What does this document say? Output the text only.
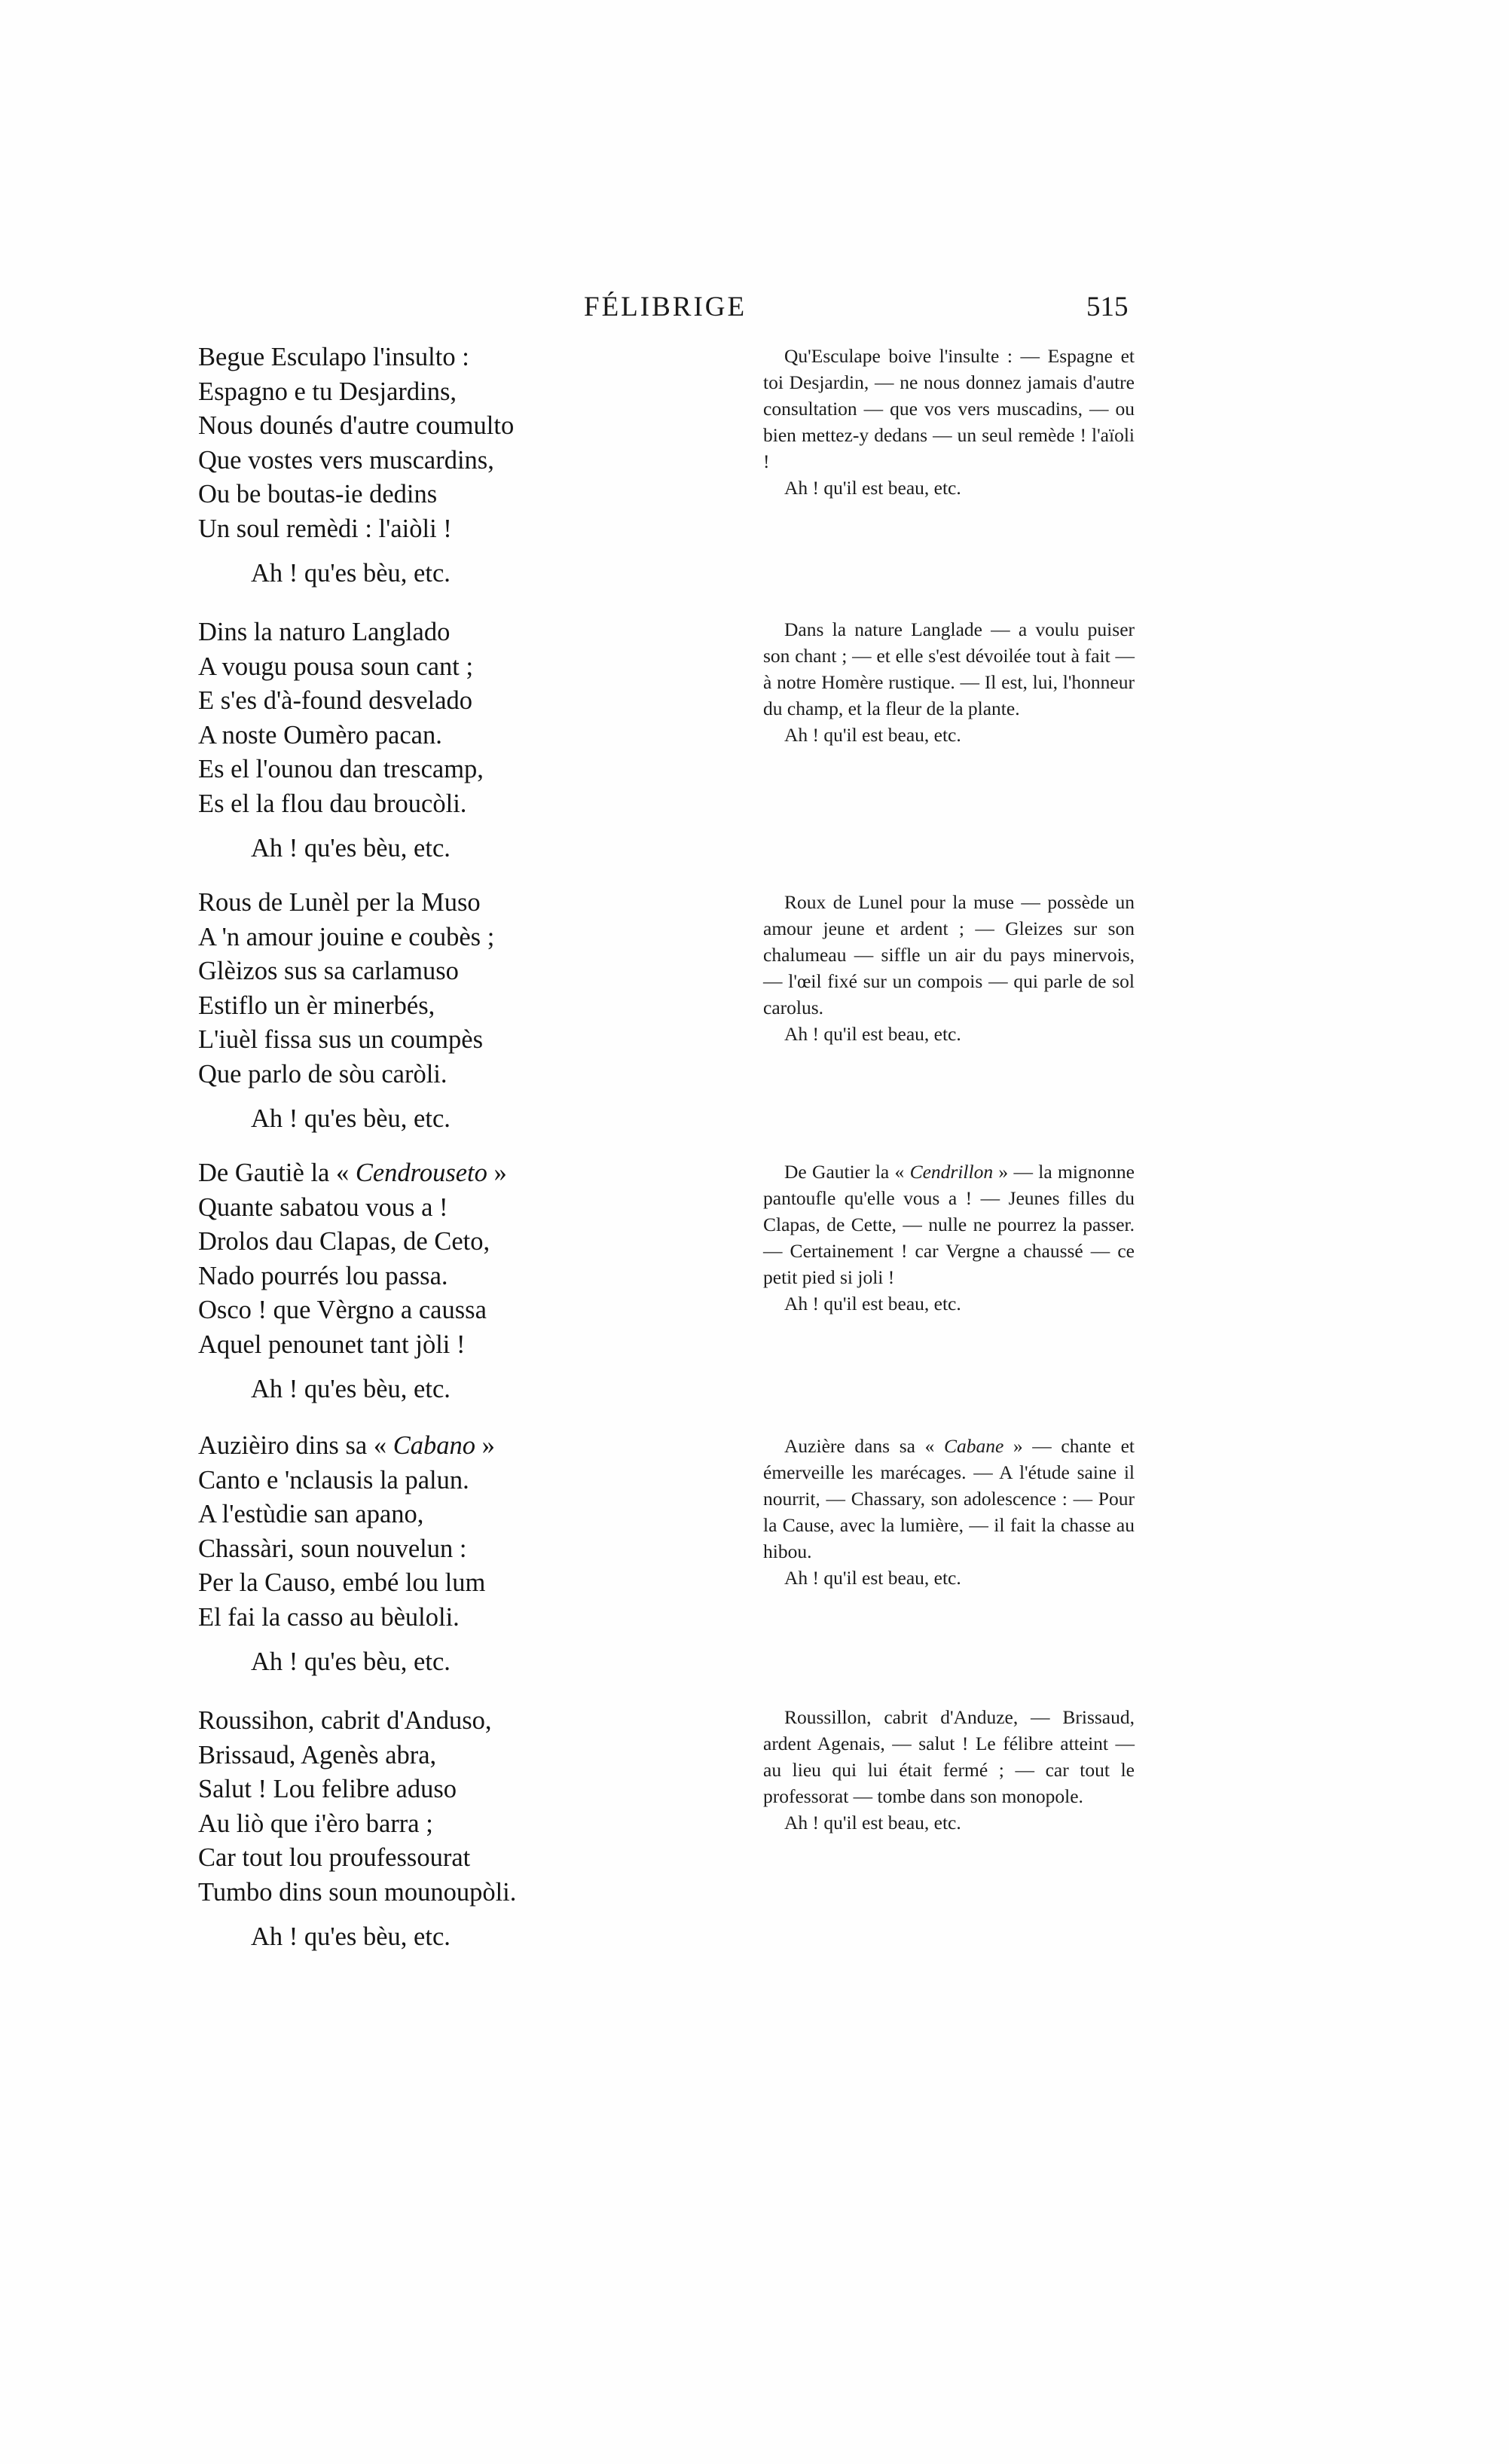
FÉLIBRIGE	515
Begue Esculapo l'insulto :
Espagno e tu Desjardins,
Nous dounés d'autre coumulto
Que vostes vers muscardins,
Ou be boutas-ie dedins
Un soul remèdi : l'aiòli !
Ah ! qu'es bèu, etc.
Dins la naturo Langlado
A vougu pousa soun cant ;
E s'es d'à-found desvelado
A noste Oumèro pacan.
Es el l'ounou dan trescamp,
Es el la flou dau broucòli.
Ah ! qu'es bèu, etc.
Rous de Lunèl per la Muso
A 'n amour jouine e coubès ;
Glèizos sus sa carlamuso
Estiflo un èr minerbés,
L'iuèl fissa sus un coumpès
Que parlo de sòu caròli.
Ah ! qu'es bèu, etc.
De Gautiè la « Cendrouseto »
Quante sabatou vous a !
Drolos dau Clapas, de Ceto,
Nado pourrés lou passa.
Osco ! que Vèrgno a caussa
Aquel penounet tant jòli !
Ah ! qu'es bèu, etc.
Auzièiro dins sa « Cabano »
Canto e 'nclausis la palun.
A l'estùdie san apano,
Chassàri, soun nouvelun :
Per la Causo, embé lou lum
El fai la casso au bèuloli.
Ah ! qu'es bèu, etc.
Roussihon, cabrit d'Anduso,
Brissaud, Agenès abra,
Salut ! Lou felibre aduso
Au liò que i'èro barra ;
Car tout lou proufessourat
Tumbo dins soun mounoupòli.
Ah ! qu'es bèu, etc.
Qu'Esculape boive l'insulte : — Espagne et toi Desjardin, — ne nous donnez jamais d'autre consultation — que vos vers muscadins, — ou bien mettez-y dedans — un seul remède ! l'aïoli !
Ah ! qu'il est beau, etc.
Dans la nature Langlade — a voulu puiser son chant ; — et elle s'est dévoilée tout à fait — à notre Homère rustique. — Il est, lui, l'honneur du champ, et la fleur de la plante.
Ah ! qu'il est beau, etc.
Roux de Lunel pour la muse — possède un amour jeune et ardent ; — Gleizes sur son chalumeau — siffle un air du pays minervois, — l'œil fixé sur un compois — qui parle de sol carolus.
Ah ! qu'il est beau, etc.
De Gautier la « Cendrillon » — la mignonne pantoufle qu'elle vous a ! — Jeunes filles du Clapas, de Cette, — nulle ne pourrez la passer. — Certainement ! car Vergne a chaussé — ce petit pied si joli !
Ah ! qu'il est beau, etc.
Auzière dans sa « Cabane » — chante et émerveille les marécages. — A l'étude saine il nourrit, — Chassary, son adolescence : — Pour la Cause, avec la lumière, — il fait la chasse au hibou.
Ah ! qu'il est beau, etc.
Roussillon, cabrit d'Anduze, — Brissaud, ardent Agenais, — salut ! Le félibre atteint — au lieu qui lui était fermé ; — car tout le professorat — tombe dans son monopole.
Ah ! qu'il est beau, etc.
